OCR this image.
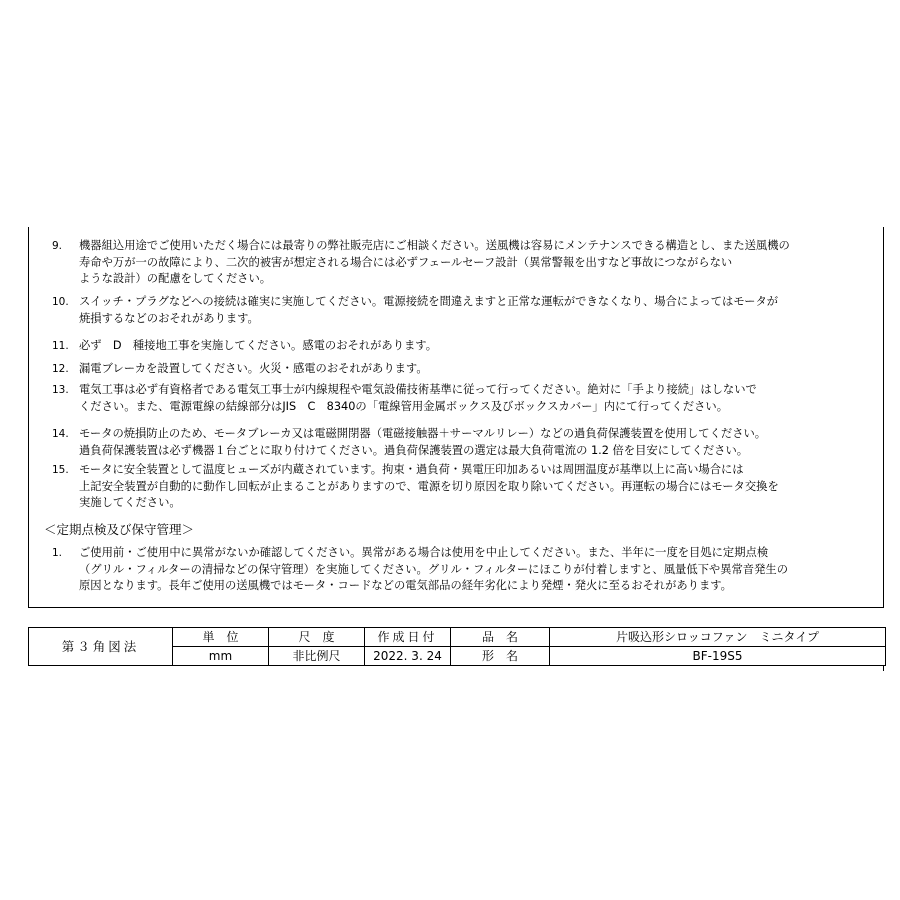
9. 機器組込用途でご使用いただく場合には最寄りの弊社販売店にご相談ください。送風機は容易にメンテナンスできる構造とし、また送風機の
寿命や万が一の故障により、二次的被害が想定される場合には必ずフェールセーフ設計（異常警報を出すなど事故につながらない
ような設計）の配慮をしてください。
10. スイッチ・プラグなどへの接続は確実に実施してください。電源接続を間違えますと正常な運転ができなくなり、場合によってはモータが
焼損するなどのおそれがあります。
11. 必ず　D　種接地工事を実施してください。感電のおそれがあります。
12. 漏電ブレーカを設置してください。火災・感電のおそれがあります。
13. 電気工事は必ず有資格者である電気工事士が内線規程や電気設備技術基準に従って行ってください。絶対に「手より接続」はしないで
ください。また、電源電線の結線部分はJIS　C　8340の「電線管用金属ボックス及びボックスカバー」内にて行ってください。
14. モータの焼損防止のため、モータブレーカ又は電磁開閉器（電磁接触器＋サーマルリレー）などの過負荷保護装置を使用してください。
過負荷保護装置は必ず機器１台ごとに取り付けてください。過負荷保護装置の選定は最大負荷電流の 1.2 倍を目安にしてください。
15. モータに安全装置として温度ヒューズが内蔵されています。拘束・過負荷・異電圧印加あるいは周囲温度が基準以上に高い場合には
上記安全装置が自動的に動作し回転が止まることがありますので、電源を切り原因を取り除いてください。再運転の場合にはモータ交換を
実施してください。
＜定期点検及び保守管理＞
1. ご使用前・ご使用中に異常がないか確認してください。異常がある場合は使用を中止してください。また、半年に一度を目処に定期点検
（グリル・フィルターの清掃などの保守管理）を実施してください。グリル・フィルターにほこりが付着しますと、風量低下や異常音発生の
原因となります。長年ご使用の送風機ではモータ・コードなどの電気部品の経年劣化により発煙・発火に至るおそれがあります。
第３角図法	単　位	尺　度	作成日付	品　名	片吸込形シロッコファン　ミニタイプ
	mm	非比例尺	2022. 3. 24	形　名	BF-19S5
